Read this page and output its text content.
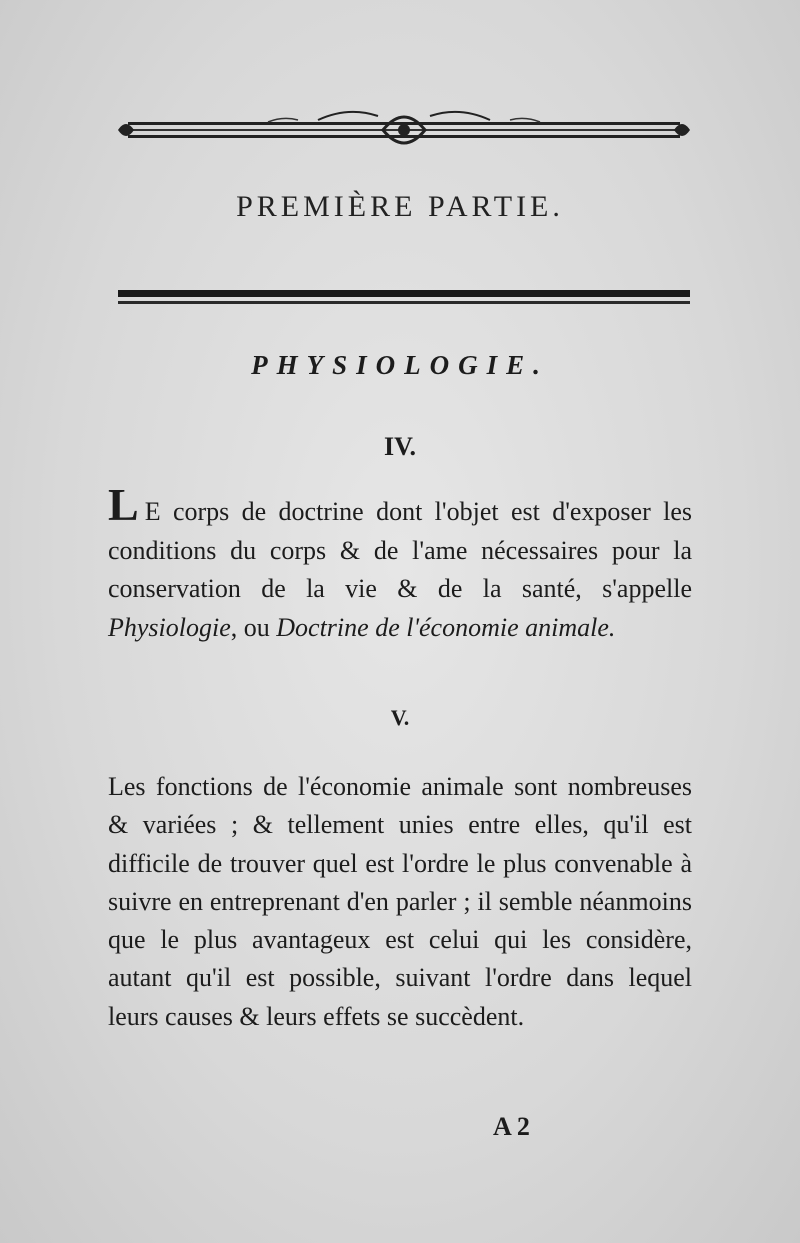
PREMIÈRE PARTIE.
PHYSIOLOGIE.
IV.
L E corps de doctrine dont l'objet est d'exposer les conditions du corps & de l'ame nécessaires pour la conservation de la vie & de la santé, s'appelle Physiologie, ou Doctrine de l'économie animale.
V.
Les fonctions de l'économie animale sont nombreuses & variées ; & tellement unies entre elles, qu'il est difficile de trouver quel est l'ordre le plus convenable à suivre en entreprenant d'en parler ; il semble néanmoins que le plus avantageux est celui qui les considère, autant qu'il est possible, suivant l'ordre dans lequel leurs causes & leurs effets se succèdent.
A 2
